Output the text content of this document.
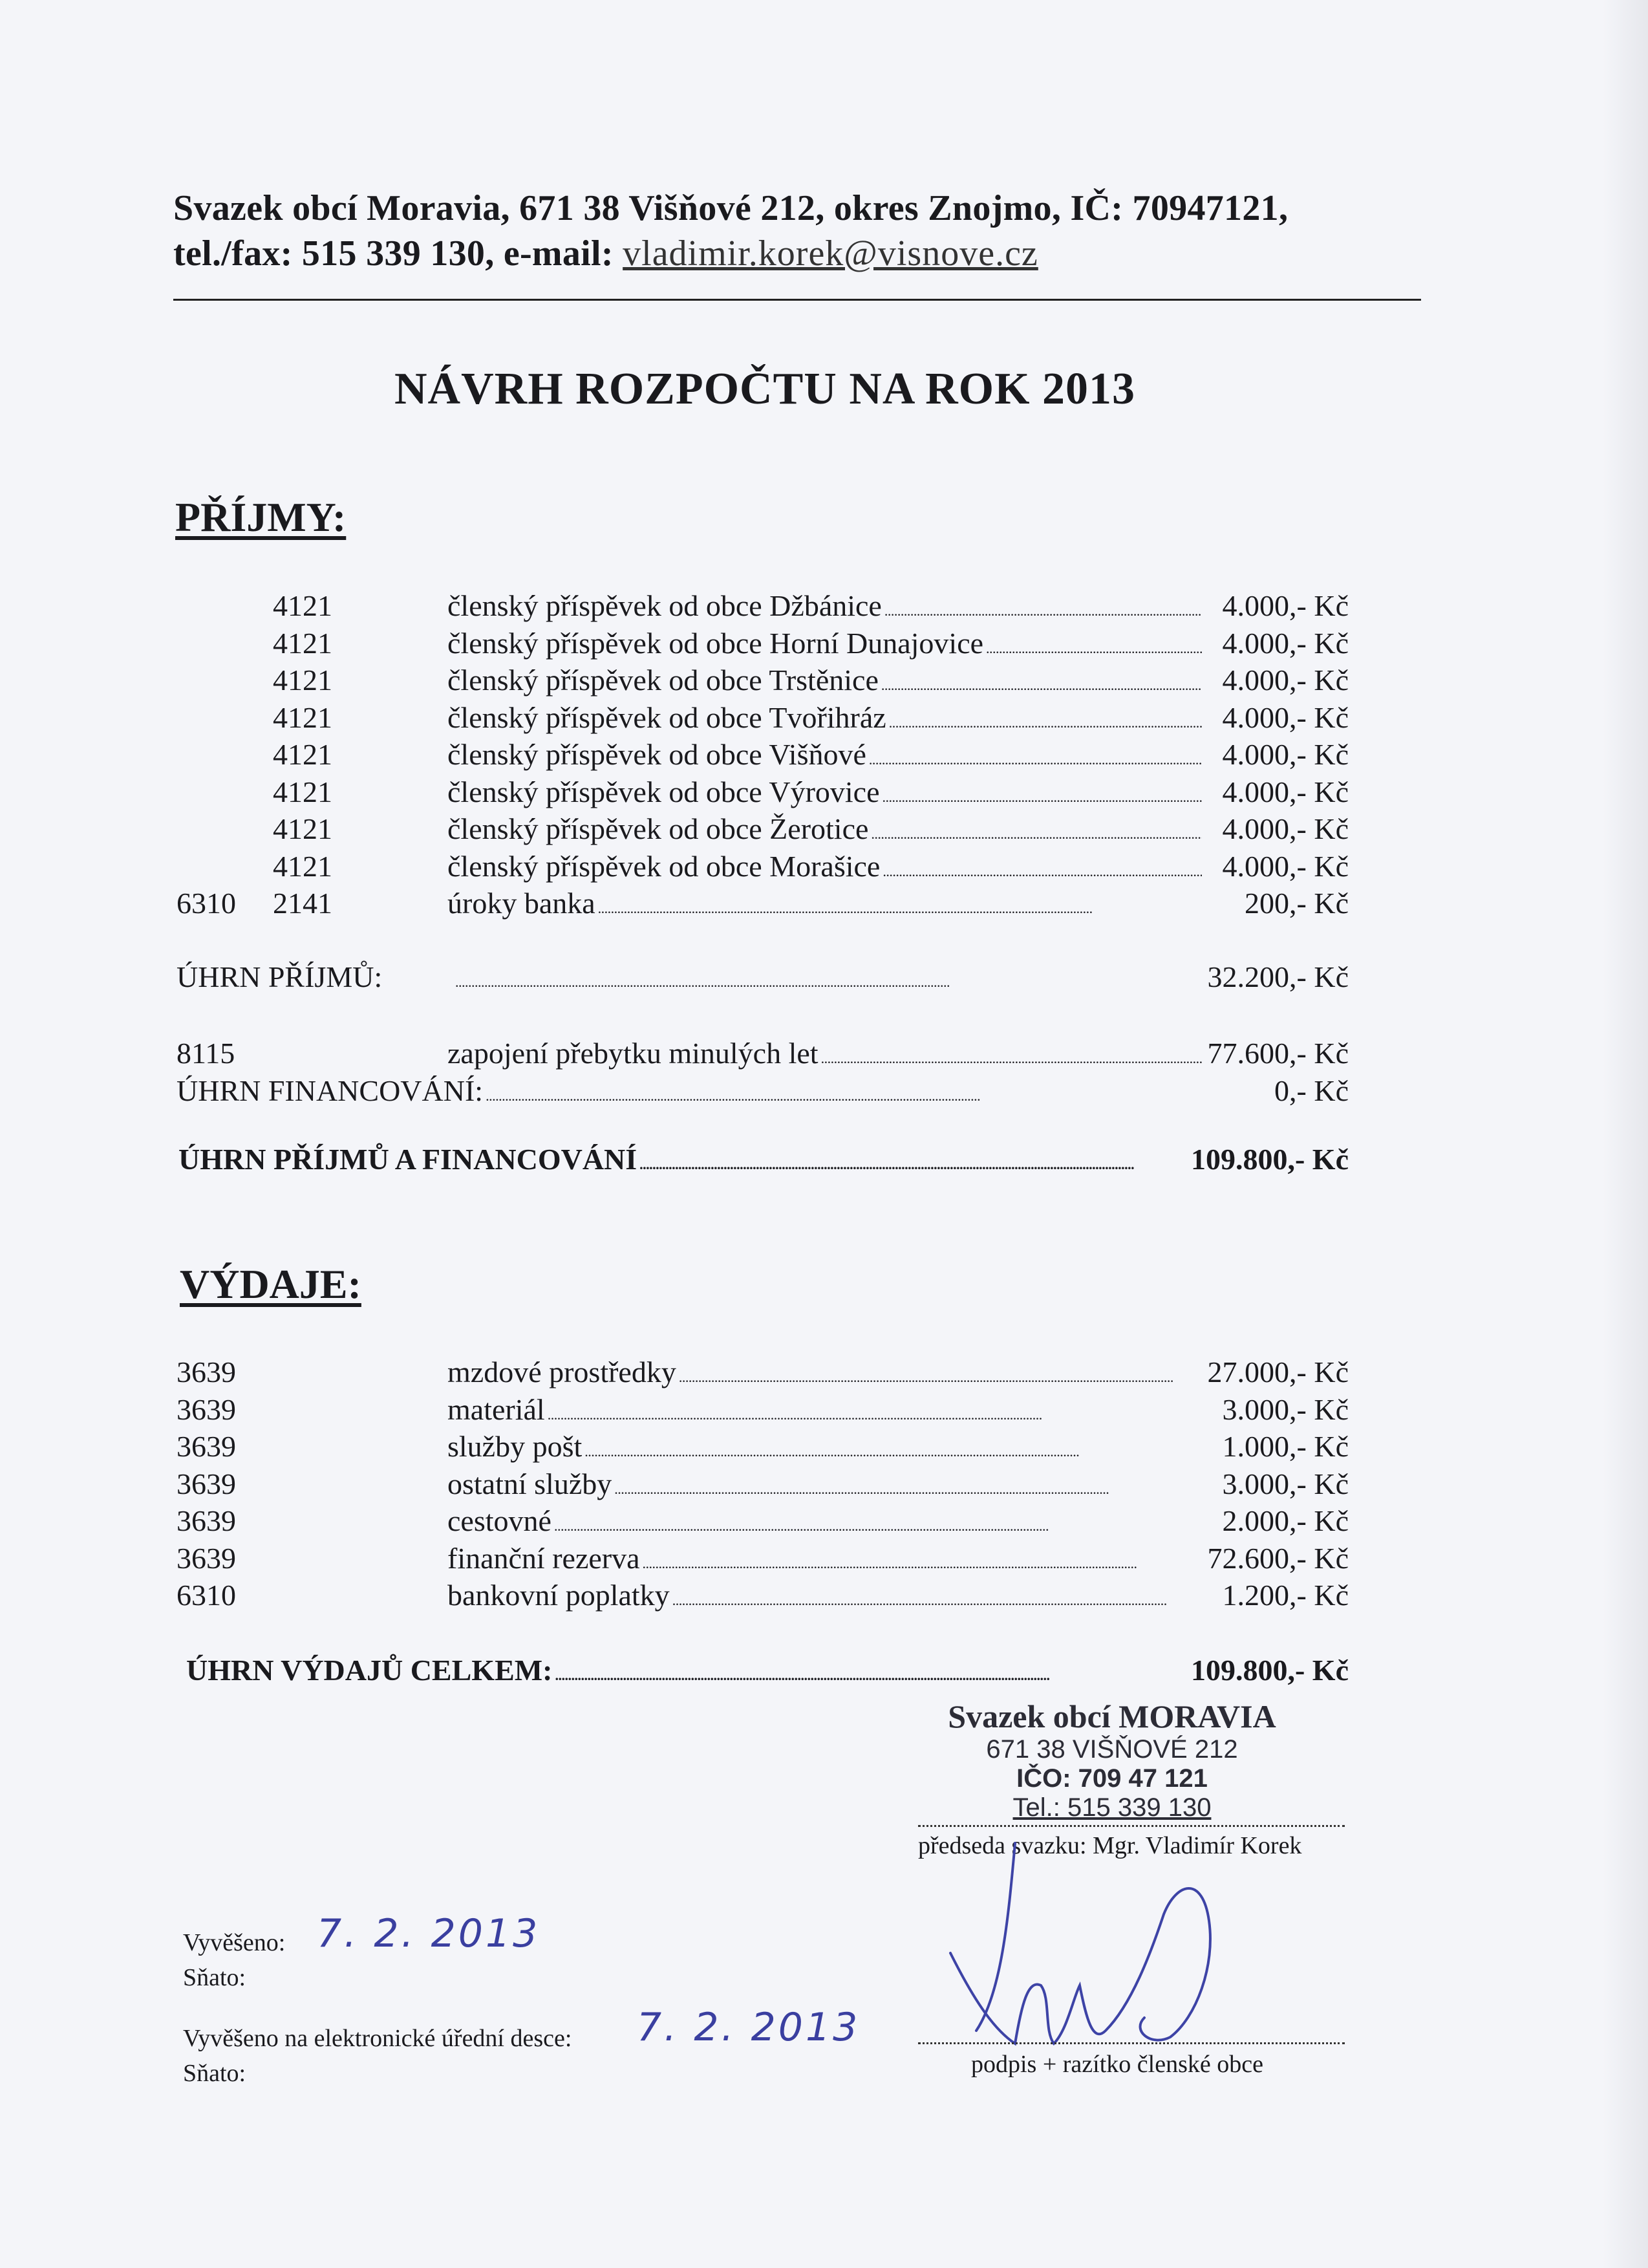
Svazek obcí Moravia, 671 38 Višňové 212, okres Znojmo, IČ: 70947121,
tel./fax: 515 339 130, e-mail: vladimir.korek@visnove.cz
NÁVRH ROZPOČTU NA ROK 2013
PŘÍJMY:
4121	členský příspěvek od obce Džbánice . . .	4.000,- Kč
4121	členský příspěvek od obce Horní Dunajovice . . .	4.000,- Kč
4121	členský příspěvek od obce Trstěnice . . .	4.000,- Kč
4121	členský příspěvek od obce Tvořihráz . . .	4.000,- Kč
4121	členský příspěvek od obce Višňové . . .	4.000,- Kč
4121	členský příspěvek od obce Výrovice . . .	4.000,- Kč
4121	členský příspěvek od obce Žerotice . . .	4.000,- Kč
4121	členský příspěvek od obce Morašice . . .	4.000,- Kč
6310 2141	úroky banka . . .	200,- Kč
ÚHRN PŘÍJMŮ: . . .	32.200,- Kč
8115	zapojení přebytku minulých let . . .	77.600,- Kč
ÚHRN FINANCOVÁNÍ: . . .	0,- Kč
ÚHRN PŘÍJMŮ A FINANCOVÁNÍ . . .	109.800,- Kč
VÝDAJE:
3639	mzdové prostředky . . .	27.000,- Kč
3639	materiál . . .	3.000,- Kč
3639	služby pošt . . .	1.000,- Kč
3639	ostatní služby . . .	3.000,- Kč
3639	cestovné . . .	2.000,- Kč
3639	finanční rezerva . . .	72.600,- Kč
6310	bankovní poplatky . . .	1.200,- Kč
ÚHRN VÝDAJŮ CELKEM: . . .	109.800,- Kč
Svazek obcí MORAVIA
671 38 VIŠŇOVÉ 212
IČO: 709 47 121
Tel.: 515 339 130
předseda svazku: Mgr. Vladimír Korek
podpis + razítko členské obce
Vyvěšeno: 7. 2. 2013
Sňato:
Vyvěšeno na elektronické úřední desce: 7. 2. 2013
Sňato:
